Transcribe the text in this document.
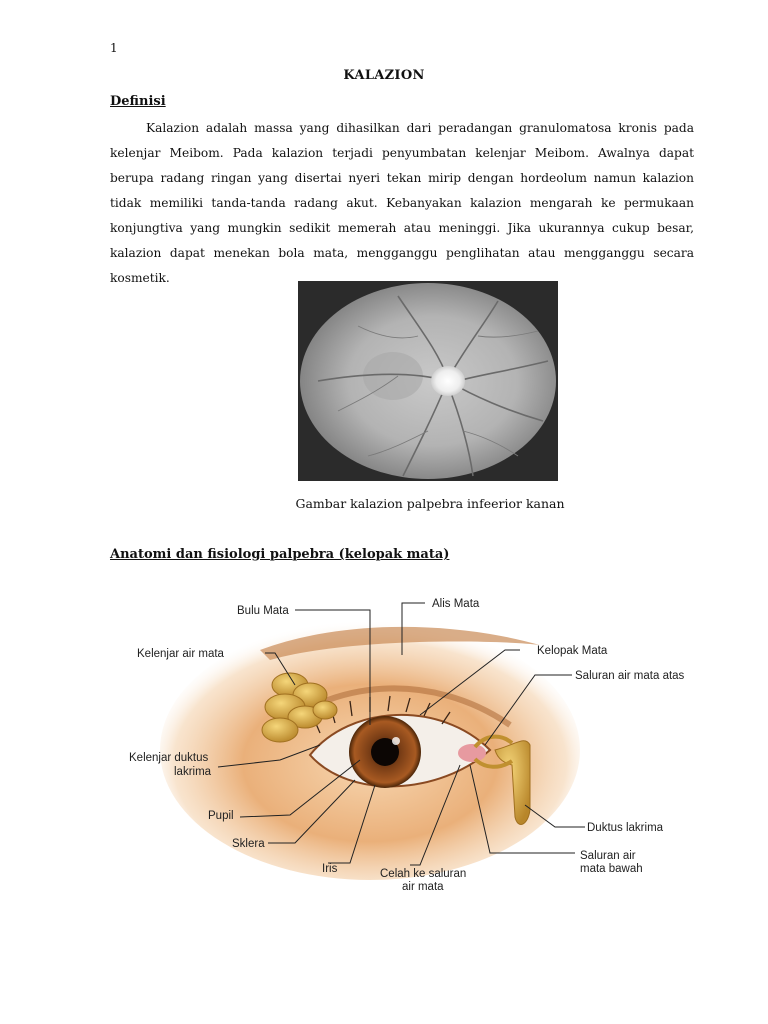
1
KALAZION
Definisi

Kalazion adalah massa yang dihasilkan dari peradangan granulomatosa kronis pada kelenjar Meibom. Pada kalazion terjadi penyumbatan kelenjar Meibom. Awalnya dapat berupa radang ringan yang disertai nyeri tekan mirip dengan hordeolum namun kalazion tidak memiliki tanda-tanda radang akut. Kebanyakan kalazion mengarah ke permukaan konjungtiva yang mungkin sedikit memerah atau meninggi. Jika ukurannya cukup besar, kalazion dapat menekan bola mata, mengganggu penglihatan atau mengganggu secara kosmetik.

Gambar kalazion palpebra infeerior kanan
Anatomi dan fisiologi palpebra (kelopak mata)
Bulu Mata
Alis Mata
Kelenjar air mata	Kelopak Mata
Saluran air mata atas
Kelenjar duktus
lakrima
Pupil
Duktus lakrima
Sklera
Saluran air
mata bawah
Iris	Celah ke saluran
air mata
